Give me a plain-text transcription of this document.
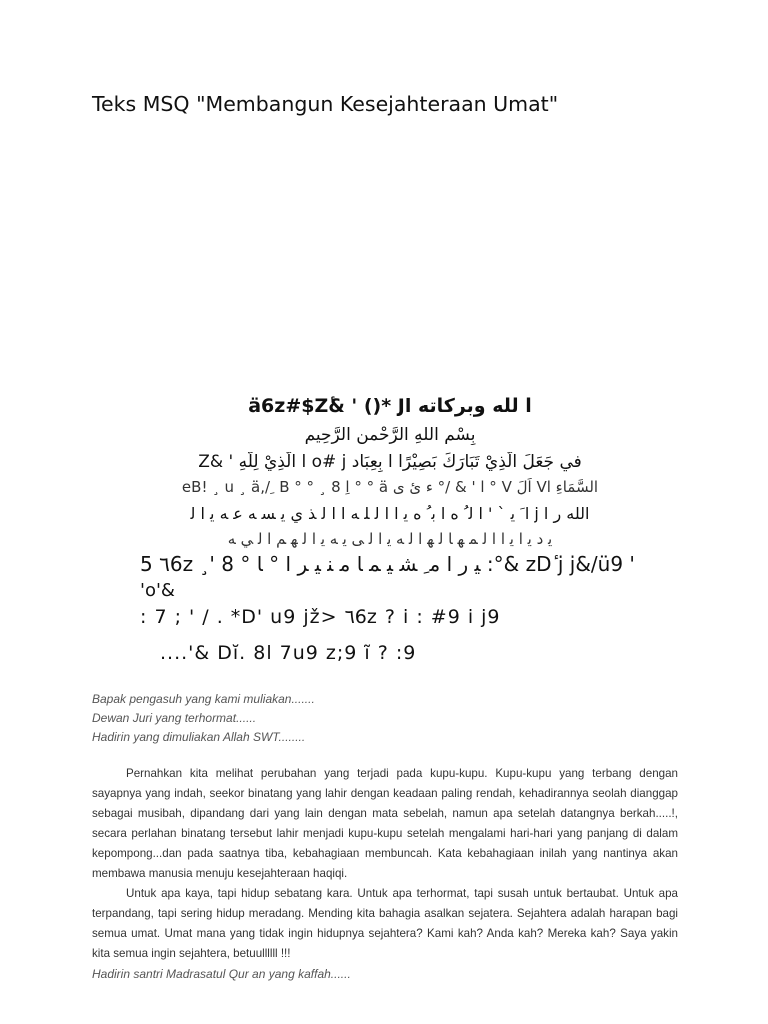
Teks MSQ "Membangun Kesejahteraan Umat"
ا لله وبركاته ä6z#$Z&ٔ ' ()* Jl
بِسْمِ اللهِ الرَّحْمنِ الرَّحِيم
في جَعَلَ الَّذِيْ تَبَارَكَ بَصِيْرًا ا بِعِبَاد o# j ا الَّذِيْ لِلَّهِ ' &Z
السَّمَاءِ Vl اَلَ V ° ا ' & /° ء ئ ی ä ° ° اِ eB! ¸ u ¸ ä,/ ِ B ° ° ¸ 8
الله ﺭ ﺍ j ﺍ َ ﻳ ` ' ﺍ ﻟ ُ ﻩ ﺍ ﺑ ُ ﻩ ﻳ ﺍ ﺍ ﻟ ﻠ ﻪ ﺍ ﺍ ﻟ ﺬ ﻱ ﻳ ﺴ ﻪ ﻋ ﻪ ﻳ ﺍ ﻟ
ﻳ ﺩ ﻳ ﺍ ﻳ ﺍ ﺍ ﻟ ﻤ ﻬ ﺎ ﻟ ﻬ ﺍ ﻟ ﻪ ﻳ ﺍ ﻟ ﻰ ﻳ ﻪ ﻳ ﺍ ﻟ ﻬ ﻢ ﺍ ﻟ ﻲ ﻪ
5 ٦6z ¸' 8 ° ﻴ ﺭ ﺍ ﻣ ِ ﺸ ﻴ ﻤ ﺎ ﻣ ﻨ ﻴ ﺮ ﺍ ° ﺎ :°& zDٔ j j&/ü9 '
'o'&
: 7 ; ' / . *D' u9 jž> ٦6z ? i : #9 i j9
....'& Dĭ. 8l 7u9 z;9 ĩ ? :9
Bapak pengasuh yang kami muliakan.......
Dewan Juri yang terhormat......
Hadirin yang dimuliakan Allah SWT........

Pernahkan kita melihat perubahan yang terjadi pada kupu-kupu. Kupu-kupu yang terbang dengan sayapnya yang indah, seekor binatang yang lahir dengan keadaan paling rendah, kehadirannya seolah dianggap sebagai musibah, dipandang dari yang lain dengan mata sebelah, namun apa setelah datangnya berkah.....!, secara perlahan binatang tersebut lahir menjadi kupu-kupu setelah mengalami hari-hari yang panjang di dalam kepompong...dan pada saatnya tiba, kebahagiaan membuncah. Kata kebahagiaan inilah yang nantinya akan membawa manusia menuju kesejahteraan haqiqi.

Untuk apa kaya, tapi hidup sebatang kara. Untuk apa terhormat, tapi susah untuk bertaubat. Untuk apa terpandang, tapi sering hidup meradang. Mending kita bahagia asalkan sejatera. Sejahtera adalah harapan bagi semua umat. Umat mana yang tidak ingin hidupnya sejahtera? Kami kah? Anda kah? Mereka kah? Saya yakin kita semua ingin sejahtera, betuullllll !!!

Hadirin santri Madrasatul Qur an yang kaffah......
